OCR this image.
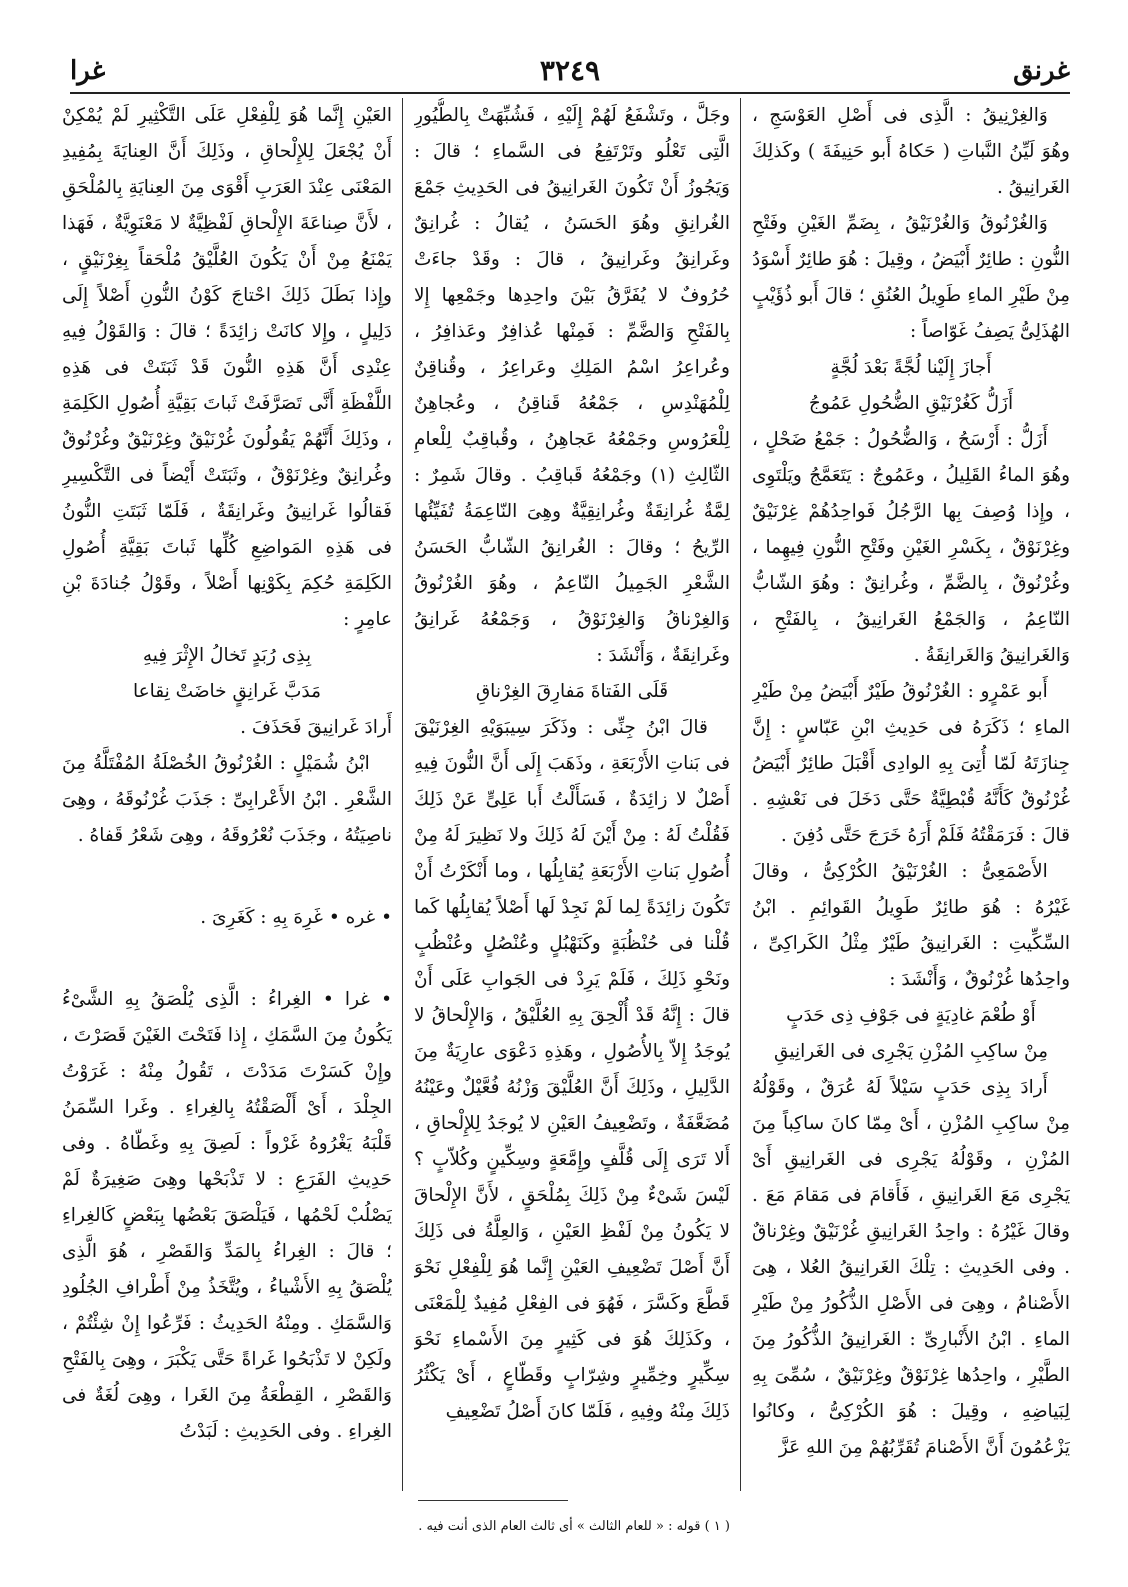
غرنق
٣٢٤٩
غرا

وَالغِرْنِيقُ : الَّذِى فى أَصْلِ العَوْسَجِ ، وهُوَ لَيِّنُ النَّباتِ ( حَكاهُ أَبو حَنِيفَةَ ) وكَذلِكَ الغَرانِيقُ .

وَالغُرْنُوقُ وَالغُرْنَيْقُ ، بِضَمِّ الغَيْنِ وفَتْحِ النُّونِ : طائِرٌ أَبْيَضُ ، وقِيلَ : هُوَ طائِرٌ أَسْوَدُ مِنْ طَيْرِ الماءِ طَوِيلُ العُنُقِ ؛ قالَ أَبو ذُؤَيْبٍ الهُذَلِىُّ يَصِفُ غَوّاصاً :

أَجازَ إِلَيْنا لُجَّةً بَعْدَ لُجَّةٍ

أَزَلُّ كَغُرْنَيْقِ الضُّحُولِ عَمُوجُ

أَزَلُّ : أَرْسَحُ ، وَالضُّحُولُ : جَمْعُ ضَحْلٍ ، وهُوَ الماءُ القَلِيلُ ، وعَمُوجٌ : يَتَعَمَّجُ ويَلْتَوِى ، وإِذا وُصِفَ بِها الرَّجُلُ فَواحِدُهُمْ غِرْنَيْقٌ وغِرْنَوْقٌ ، بِكَسْرِ الغَيْنِ وفَتْحِ النُّونِ فِيهِما ، وغُرْنُوقٌ ، بِالضَّمِّ ، وغُرانِقٌ : وهُوَ الشّابُّ النّاعِمُ ، وَالجَمْعُ الغَرانِيقُ ، بِالفَتْحِ ، وَالغَرانِيقُ وَالغَرانِقَةُ .

أَبو عَمْرٍو : الغُرْنُوقُ طَيْرٌ أَبْيَضُ مِنْ طَيْرِ الماءِ ؛ ذَكَرَهُ فى حَدِيثِ ابْنِ عَبّاسٍ : إِنَّ جِنازَتَهُ لَمّا أُتِىَ بِهِ الوادِى أَقْبَلَ طائِرٌ أَبْيَضُ غُرْنُوقٌ كَأَنَّهُ قُبْطِيَّةٌ حَتَّى دَخَلَ فى نَعْشِهِ . قالَ : فَرَمَقْتُهُ فَلَمْ أَرَهُ خَرَجَ حَتَّى دُفِنَ .

الأَصْمَعِىُّ : الغُرْنَيْقُ الكُرْكِىُّ ، وقالَ غَيْرُهُ : هُوَ طائِرٌ طَوِيلُ القَوائِمِ . ابْنُ السِّكِّيتِ : الغَرانِيقُ طَيْرٌ مِثْلُ الكَراكِىِّ ، واحِدُها غُرْنُوقٌ ، وَأَنْشَدَ :

أَوْ طُعْمَ غادِيَةٍ فى جَوْفِ ذِى حَدَبٍ

مِنْ ساكِبِ المُزْنِ يَجْرِى فى الغَرانِيقِ

أَرادَ بِذِى حَدَبٍ سَيْلاً لَهُ عُرَقٌ ، وقَوْلُهُ مِنْ ساكِبِ المُزْنِ ، أَىْ مِمّا كانَ ساكِباً مِنَ المُزْنِ ، وقَوْلُهُ يَجْرِى فى الغَرانِيقِ أَىْ يَجْرِى مَعَ الغَرانِيقِ ، فَأَقامَ فى مَقامَ مَعَ . وقالَ غَيْرُهُ : واحِدُ الغَرانِيقِ غُرْنَيْقٌ وغِرْناقٌ . وفى الحَدِيثِ : تِلْكَ الغَرانِيقُ العُلا ، هِىَ الأَصْنامُ ، وهِىَ فى الأَصْلِ الذُّكُورُ مِنْ طَيْرِ الماءِ . ابْنُ الأَنْبارِىِّ : الغَرانِيقُ الذُّكُورُ مِنَ الطَّيْرِ ، واحِدُها غِرْنَوْقٌ وغِرْنَيْقٌ ، سُمِّىَ بِهِ لِبَياضِهِ ، وقِيلَ : هُوَ الكُرْكِىُّ ، وكانُوا يَزْعُمُونَ أَنَّ الأَصْنامَ تُقَرِّبُهُمْ مِنَ اللهِ عَزَّ

وجَلَّ ، وتَشْفَعُ لَهُمْ إِلَيْهِ ، فَشُبِّهَتْ بِالطُّيُورِ الَّتِى تَعْلُو وتَرْتَفِعُ فى السَّماءِ ؛ قالَ : وَيَجُوزُ أَنْ تَكُونَ الغَرانِيقُ فى الحَدِيثِ جَمْعَ الغُرانِقِ وهُوَ الحَسَنُ ، يُقالُ : غُرانِقٌ وغَرانِقُ وغَرانِيقُ ، قالَ : وقَدْ جاءَتْ حُرُوفٌ لا يُفَرَّقُ بَيْنَ واحِدِها وجَمْعِها إِلا بِالفَتْحِ وَالضَّمِّ : فَمِنْها عُذافِرٌ وعَذافِرُ ، وعُراعِرُ اسْمُ المَلِكِ وعَراعِرُ ، وقُناقِنٌ لِلْمُهَنْدِسِ ، جَمْعُهُ قَناقِنُ ، وعُجاهِنٌ لِلْعَرُوسِ وجَمْعُهُ عَجاهِنُ ، وقُباقِبٌ لِلْعامِ الثّالِثِ (١) وجَمْعُهُ قَباقِبُ . وقالَ شَمِرٌ : لِمَّةٌ غُرانِقَةٌ وغُرانِقِيَّةٌ وهِىَ النّاعِمَةُ تُفَيِّئُها الرِّيحُ ؛ وقالَ : الغُرانِقُ الشّابُّ الحَسَنُ الشَّعْرِ الجَمِيلُ النّاعِمُ ، وهُوَ الغُرْنُوقُ وَالغِرْناقُ وَالغِرْنَوْقُ ، وَجَمْعُهُ غَرانِقُ وغَرانِقَةٌ ، وَأَنْشَدَ :

قَلَى الفَتاةَ مَفارِقَ الغِرْناقِ

قالَ ابْنُ جِنِّى : وذَكَرَ سِيبَوَيْهِ الغِرْنَيْقَ فى بَناتِ الأَرْبَعَةِ ، وذَهَبَ إِلَى أَنَّ النُّونَ فِيهِ أَصْلٌ لا زائِدَةٌ ، فَسَأَلْتُ أَبا عَلِىٍّ عَنْ ذَلِكَ فَقُلْتُ لَهُ : مِنْ أَيْنَ لَهُ ذَلِكَ ولا نَظِيرَ لَهُ مِنْ أُصُولِ بَناتِ الأَرْبَعَةِ يُقابِلُها ، وما أَنْكَرْتُ أَنْ تَكُونَ زائِدَةً لِما لَمْ نَجِدْ لَها أَصْلاً يُقابِلُها كَما قُلْنا فى حُنْظُبَةٍ وكَنَهْبُلٍ وعُنْصُلٍ وعُنْظُبٍ ونَحْوِ ذَلِكَ ، فَلَمْ يَرِدْ فى الجَوابِ عَلَى أَنْ قالَ : إِنَّهُ قَدْ أُلْحِقَ بِهِ العُلَّيْقُ ، وَالإِلْحاقُ لا يُوجَدُ إِلاّ بِالأُصُولِ ، وهَذِهِ دَعْوَى عارِيَةٌ مِنَ الدَّلِيلِ ، وذَلِكَ أَنَّ العُلَّيْقَ وَزْنُهُ فُعَّيْلٌ وعَيْنُهُ مُضَعَّفَةٌ ، وتَضْعِيفُ العَيْنِ لا يُوجَدُ لِلإِلْحاقِ ، أَلا تَرَى إِلَى قُلَّفٍ وإِمَّعَةٍ وسِكِّينٍ وكُلاّبٍ ؟ لَيْسَ شَىْءٌ مِنْ ذَلِكَ بِمُلْحَقٍ ، لأَنَّ الإِلْحاقَ لا يَكُونُ مِنْ لَفْظِ العَيْنِ ، وَالعِلَّةُ فى ذَلِكَ أَنَّ أَصْلَ تَضْعِيفِ العَيْنِ إِنَّما هُوَ لِلْفِعْلِ نَحْوَ قَطَّعَ وكَسَّرَ ، فَهُوَ فى الفِعْلِ مُفِيدٌ لِلْمَعْنَى ، وكَذَلِكَ هُوَ فى كَثِيرٍ مِنَ الأَسْماءِ نَحْوَ سِكِّيرٍ وخِمِّيرٍ وشِرّابٍ وقَطّاعٍ ، أَىْ يَكْثُرُ ذَلِكَ مِنْهُ وفِيهِ ، فَلَمّا كانَ أَصْلُ تَضْعِيفِ

العَيْنِ إِنَّما هُوَ لِلْفِعْلِ عَلَى التَّكْثِيرِ لَمْ يُمْكِنْ أَنْ يُجْعَلَ لِلإِلْحاقِ ، وذَلِكَ أَنَّ العِنايَةَ بِمُفِيدِ المَعْنَى عِنْدَ العَرَبِ أَقْوَى مِنَ العِنايَةِ بِالمُلْحَقِ ، لأَنَّ صِناعَةَ الإِلْحاقِ لَفْظِيَّةٌ لا مَعْنَوِيَّةٌ ، فَهَذا يَمْنَعُ مِنْ أَنْ يَكُونَ العُلَّيْقُ مُلْحَقاً بِغِرْنَيْقٍ ، وإِذا بَطَلَ ذَلِكَ احْتاجَ كَوْنُ النُّونِ أَصْلاً إِلَى دَلِيلٍ ، وإِلا كانَتْ زائِدَةً ؛ قالَ : وَالقَوْلُ فِيهِ عِنْدِى أَنَّ هَذِهِ النُّونَ قَدْ ثَبَتَتْ فى هَذِهِ اللَّفْظَةِ أَنَّى تَصَرَّفَتْ ثَباتَ بَقِيَّةِ أُصُولِ الكَلِمَةِ ، وذَلِكَ أَنَّهُمْ يَقُولُونَ غُرْنَيْقٌ وغِرْنَيْقٌ وغُرْنُوقٌ وغُرانِقٌ وغِرْنَوْقٌ ، وثَبَتَتْ أَيْضاً فى التَّكْسِيرِ فَقالُوا غَرانِيقُ وغَرانِقَةٌ ، فَلَمّا ثَبَتَتِ النُّونُ فى هَذِهِ المَواضِعِ كُلِّها ثَباتَ بَقِيَّةِ أُصُولِ الكَلِمَةِ حُكِمَ بِكَوْنِها أَصْلاً ، وقَوْلُ جُنادَةَ بْنِ عامِرٍ :

بِذِى رُبَدٍ تَخالُ الإِثْرَ فِيهِ

مَدَبَّ غَرانِقٍ خاضَتْ نِقاعا

أَرادَ غَرانِيقَ فَحَذَفَ .

ابْنُ شُمَيْلٍ : الغُرْنُوقُ الخُصْلَةُ المُفْتَلَّةُ مِنَ الشَّعْرِ . ابْنُ الأَعْرابِىِّ : جَذَبَ غُرْنُوقَهُ ، وهِىَ ناصِيَتُهُ ، وجَذَبَ نُعْرُوقَهُ ، وهِىَ شَعْرُ قَفاهُ .

• غره • غَرِهَ بِهِ : كَغَرِىَ .

• غرا • الغِراءُ : الَّذِى يُلْصَقُ بِهِ الشَّىْءُ يَكُونُ مِنَ السَّمَكِ ، إِذا فَتَحْتَ الغَيْنَ قَصَرْتَ ، وإِنْ كَسَرْتَ مَدَدْتَ ، تَقُولُ مِنْهُ : غَرَوْتُ الجِلْدَ ، أَىْ أَلْصَقْتُهُ بِالغِراءِ . وغَرا السِّمَنُ قَلْبَهُ يَغْرُوهُ غَرْواً : لَصِقَ بِهِ وغَطّاهُ . وفى حَدِيثِ الفَرَعِ : لا تَذْبَحْها وهِىَ صَغِيرَةٌ لَمْ يَصْلُبْ لَحْمُها ، فَيَلْصَقَ بَعْضُها بِبَعْضٍ كَالغِراءِ ؛ قالَ : الغِراءُ بِالمَدِّ وَالقَصْرِ ، هُوَ الَّذِى يُلْصَقُ بِهِ الأَشْياءُ ، ويُتَّخَذُ مِنْ أَطْرافِ الجُلُودِ وَالسَّمَكِ . ومِنْهُ الحَدِيثُ : فَرِّعُوا إِنْ شِئْتُمْ ، ولَكِنْ لا تَذْبَحُوا غَراةً حَتَّى يَكْبَرَ ، وهِىَ بِالفَتْحِ وَالقَصْرِ ، القِطْعَةُ مِنَ الغَرا ، وهِىَ لُغَةٌ فى الغِراءِ . وفى الحَدِيثِ : لَبَدْتُ

( ١ ) قوله : « للعام الثالث » أى ثالث العام الذى أنت فيه .
